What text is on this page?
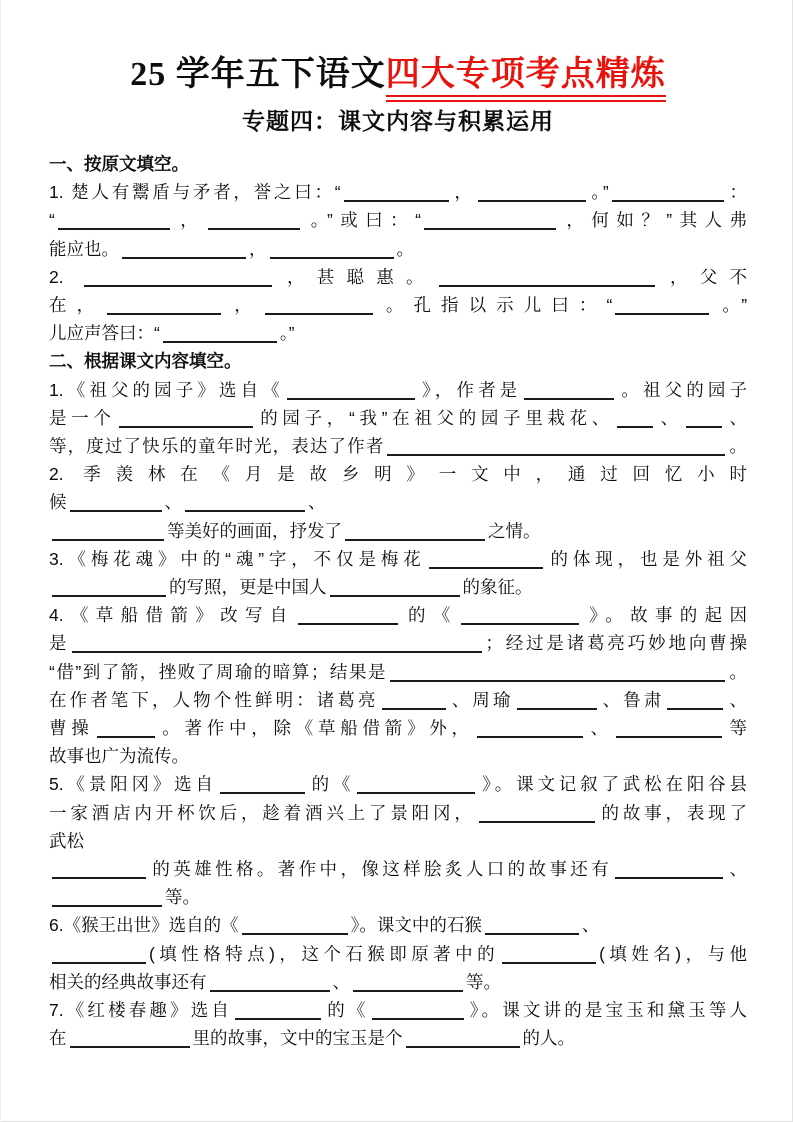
25 学年五下语文四大专项考点精炼
专题四：课文内容与积累运用

一、按原文填空。

1. 楚人有鬻盾与矛者，誉之曰：“	，	。”	：

“	，	。”或曰：“	，何如？”其人弗

能应也。	，	。

2.	，甚聪惠。	，父不

在，	，	。孔指以示儿曰：“	。”

儿应声答曰：“	。”

二、根据课文内容填空。

1.《祖父的园子》选自《	》，作者是	。祖父的园子

是一个	的园子，“我”在祖父的园子里栽花、 、 、

等，度过了快乐的童年时光，表达了作者	。

2. 季羡林在《月是故乡明》一文中，通过回忆小时

候	、	、

等美好的画面，抒发了	之情。

3.《梅花魂》中的“魂”字，不仅是梅花	的体现，也是外祖父

的写照，更是中国人	的象征。

4.《草船借箭》改写自	的《	》。故事的起因

是	；经过是诸葛亮巧妙地向曹操

“借”到了箭，挫败了周瑜的暗算；结果是	。

在作者笔下，人物个性鲜明：诸葛亮	、周瑜	、鲁肃	、

曹操	。著作中，除《草船借箭》外，	、	等

故事也广为流传。

5.《景阳冈》选自	的《	》。课文记叙了武松在阳谷县

一家酒店内开杯饮后，趁着酒兴上了景阳冈，	的故事，表现了

武松

的英雄性格。著作中，像这样脍炙人口的故事还有	、

等。

6.《猴王出世》选自的《	》。课文中的石猴	、

(填性格特点)，这个石猴即原著中的	(填姓名)，与他

相关的经典故事还有	、	等。

7.《红楼春趣》选自	的《	》。课文讲的是宝玉和黛玉等人

在	里的故事，文中的宝玉是个	的人。
